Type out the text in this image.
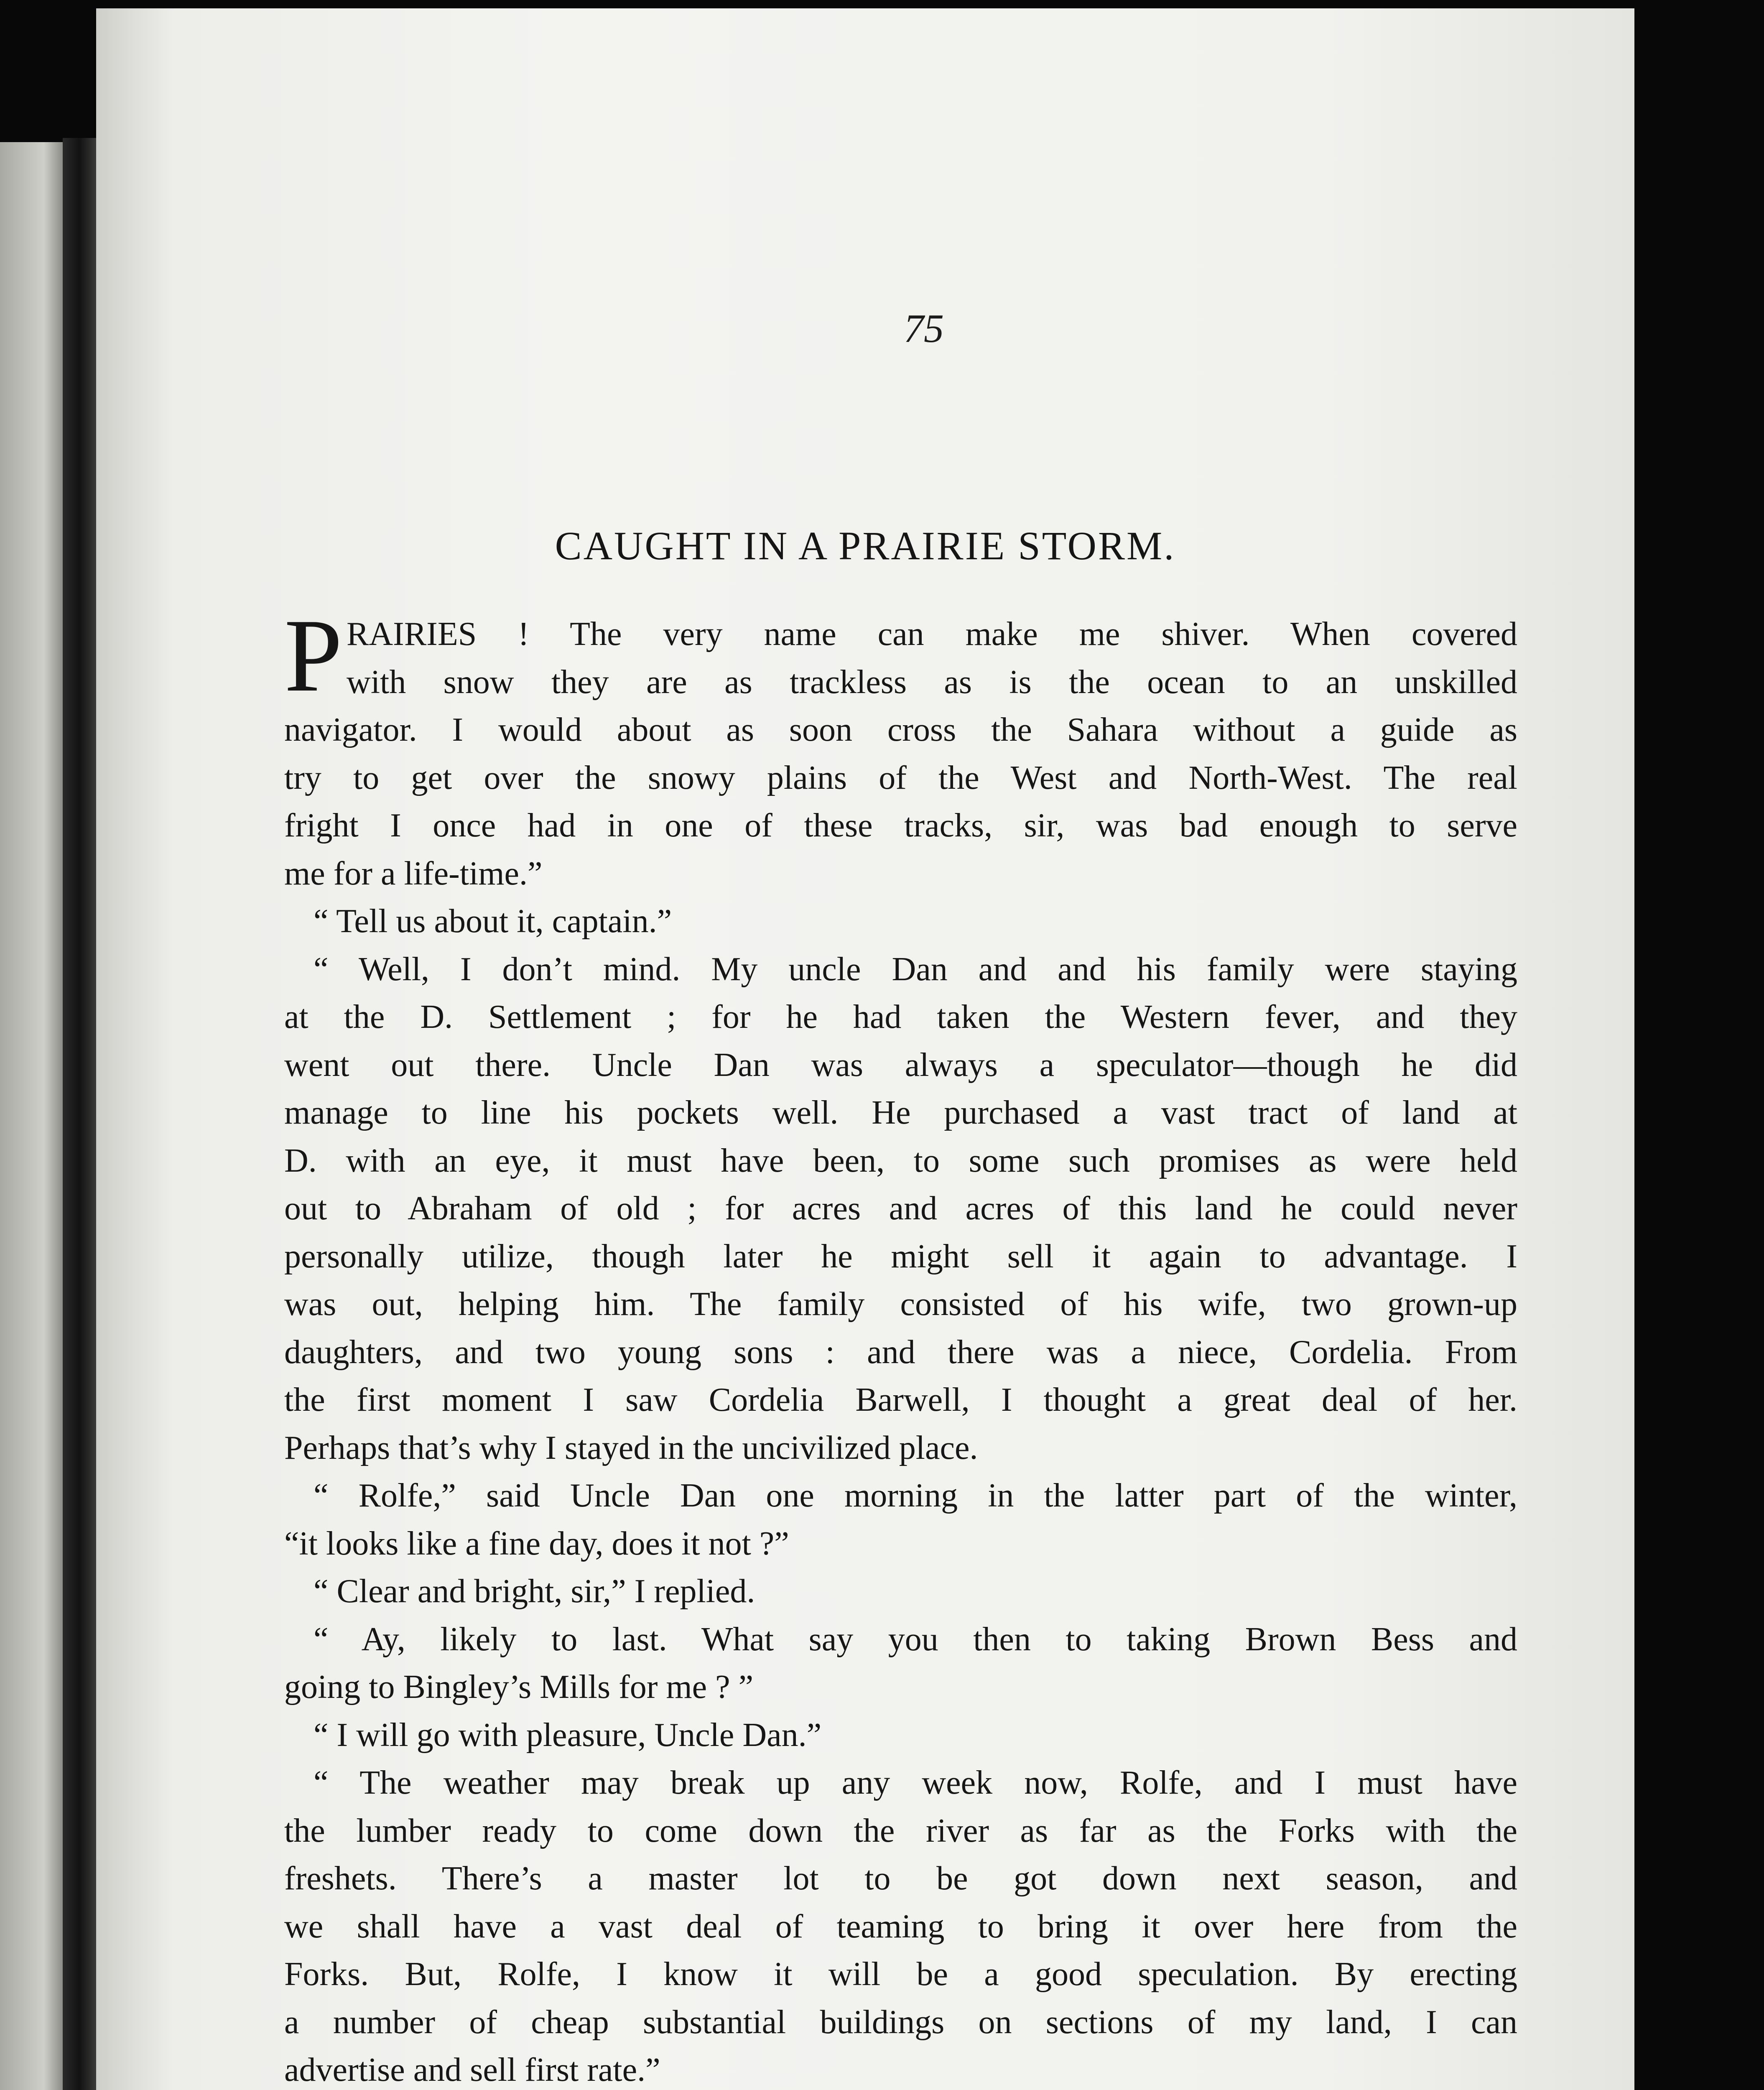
75
CAUGHT IN A PRAIRIE STORM.
P RAIRIES ! The very name can make me shiver. When covered
with snow they are as trackless as is the ocean to an unskilled
navigator. I would about as soon cross the Sahara without a guide as
try to get over the snowy plains of the West and North-West. The real
fright I once had in one of these tracks, sir, was bad enough to serve
me for a life-time.”
“ Tell us about it, captain.”
“ Well, I don’t mind. My uncle Dan and and his family were staying
at the D. Settlement ; for he had taken the Western fever, and they
went out there. Uncle Dan was always a speculator—though he did
manage to line his pockets well. He purchased a vast tract of land at
D. with an eye, it must have been, to some such promises as were held
out to Abraham of old ; for acres and acres of this land he could never
personally utilize, though later he might sell it again to advantage. I
was out, helping him. The family consisted of his wife, two grown-up
daughters, and two young sons : and there was a niece, Cordelia. From
the first moment I saw Cordelia Barwell, I thought a great deal of her.
Perhaps that’s why I stayed in the uncivilized place.
“ Rolfe,” said Uncle Dan one morning in the latter part of the winter,
“it looks like a fine day, does it not ?”
“ Clear and bright, sir,” I replied.
“ Ay, likely to last. What say you then to taking Brown Bess and
going to Bingley’s Mills for me ? ”
“ I will go with pleasure, Uncle Dan.”
“ The weather may break up any week now, Rolfe, and I must have
the lumber ready to come down the river as far as the Forks with the
freshets. There’s a master lot to be got down next season, and
we shall have a vast deal of teaming to bring it over here from the
Forks. But, Rolfe, I know it will be a good speculation. By erecting
a number of cheap substantial buildings on sections of my land, I can
advertise and sell first rate.”
